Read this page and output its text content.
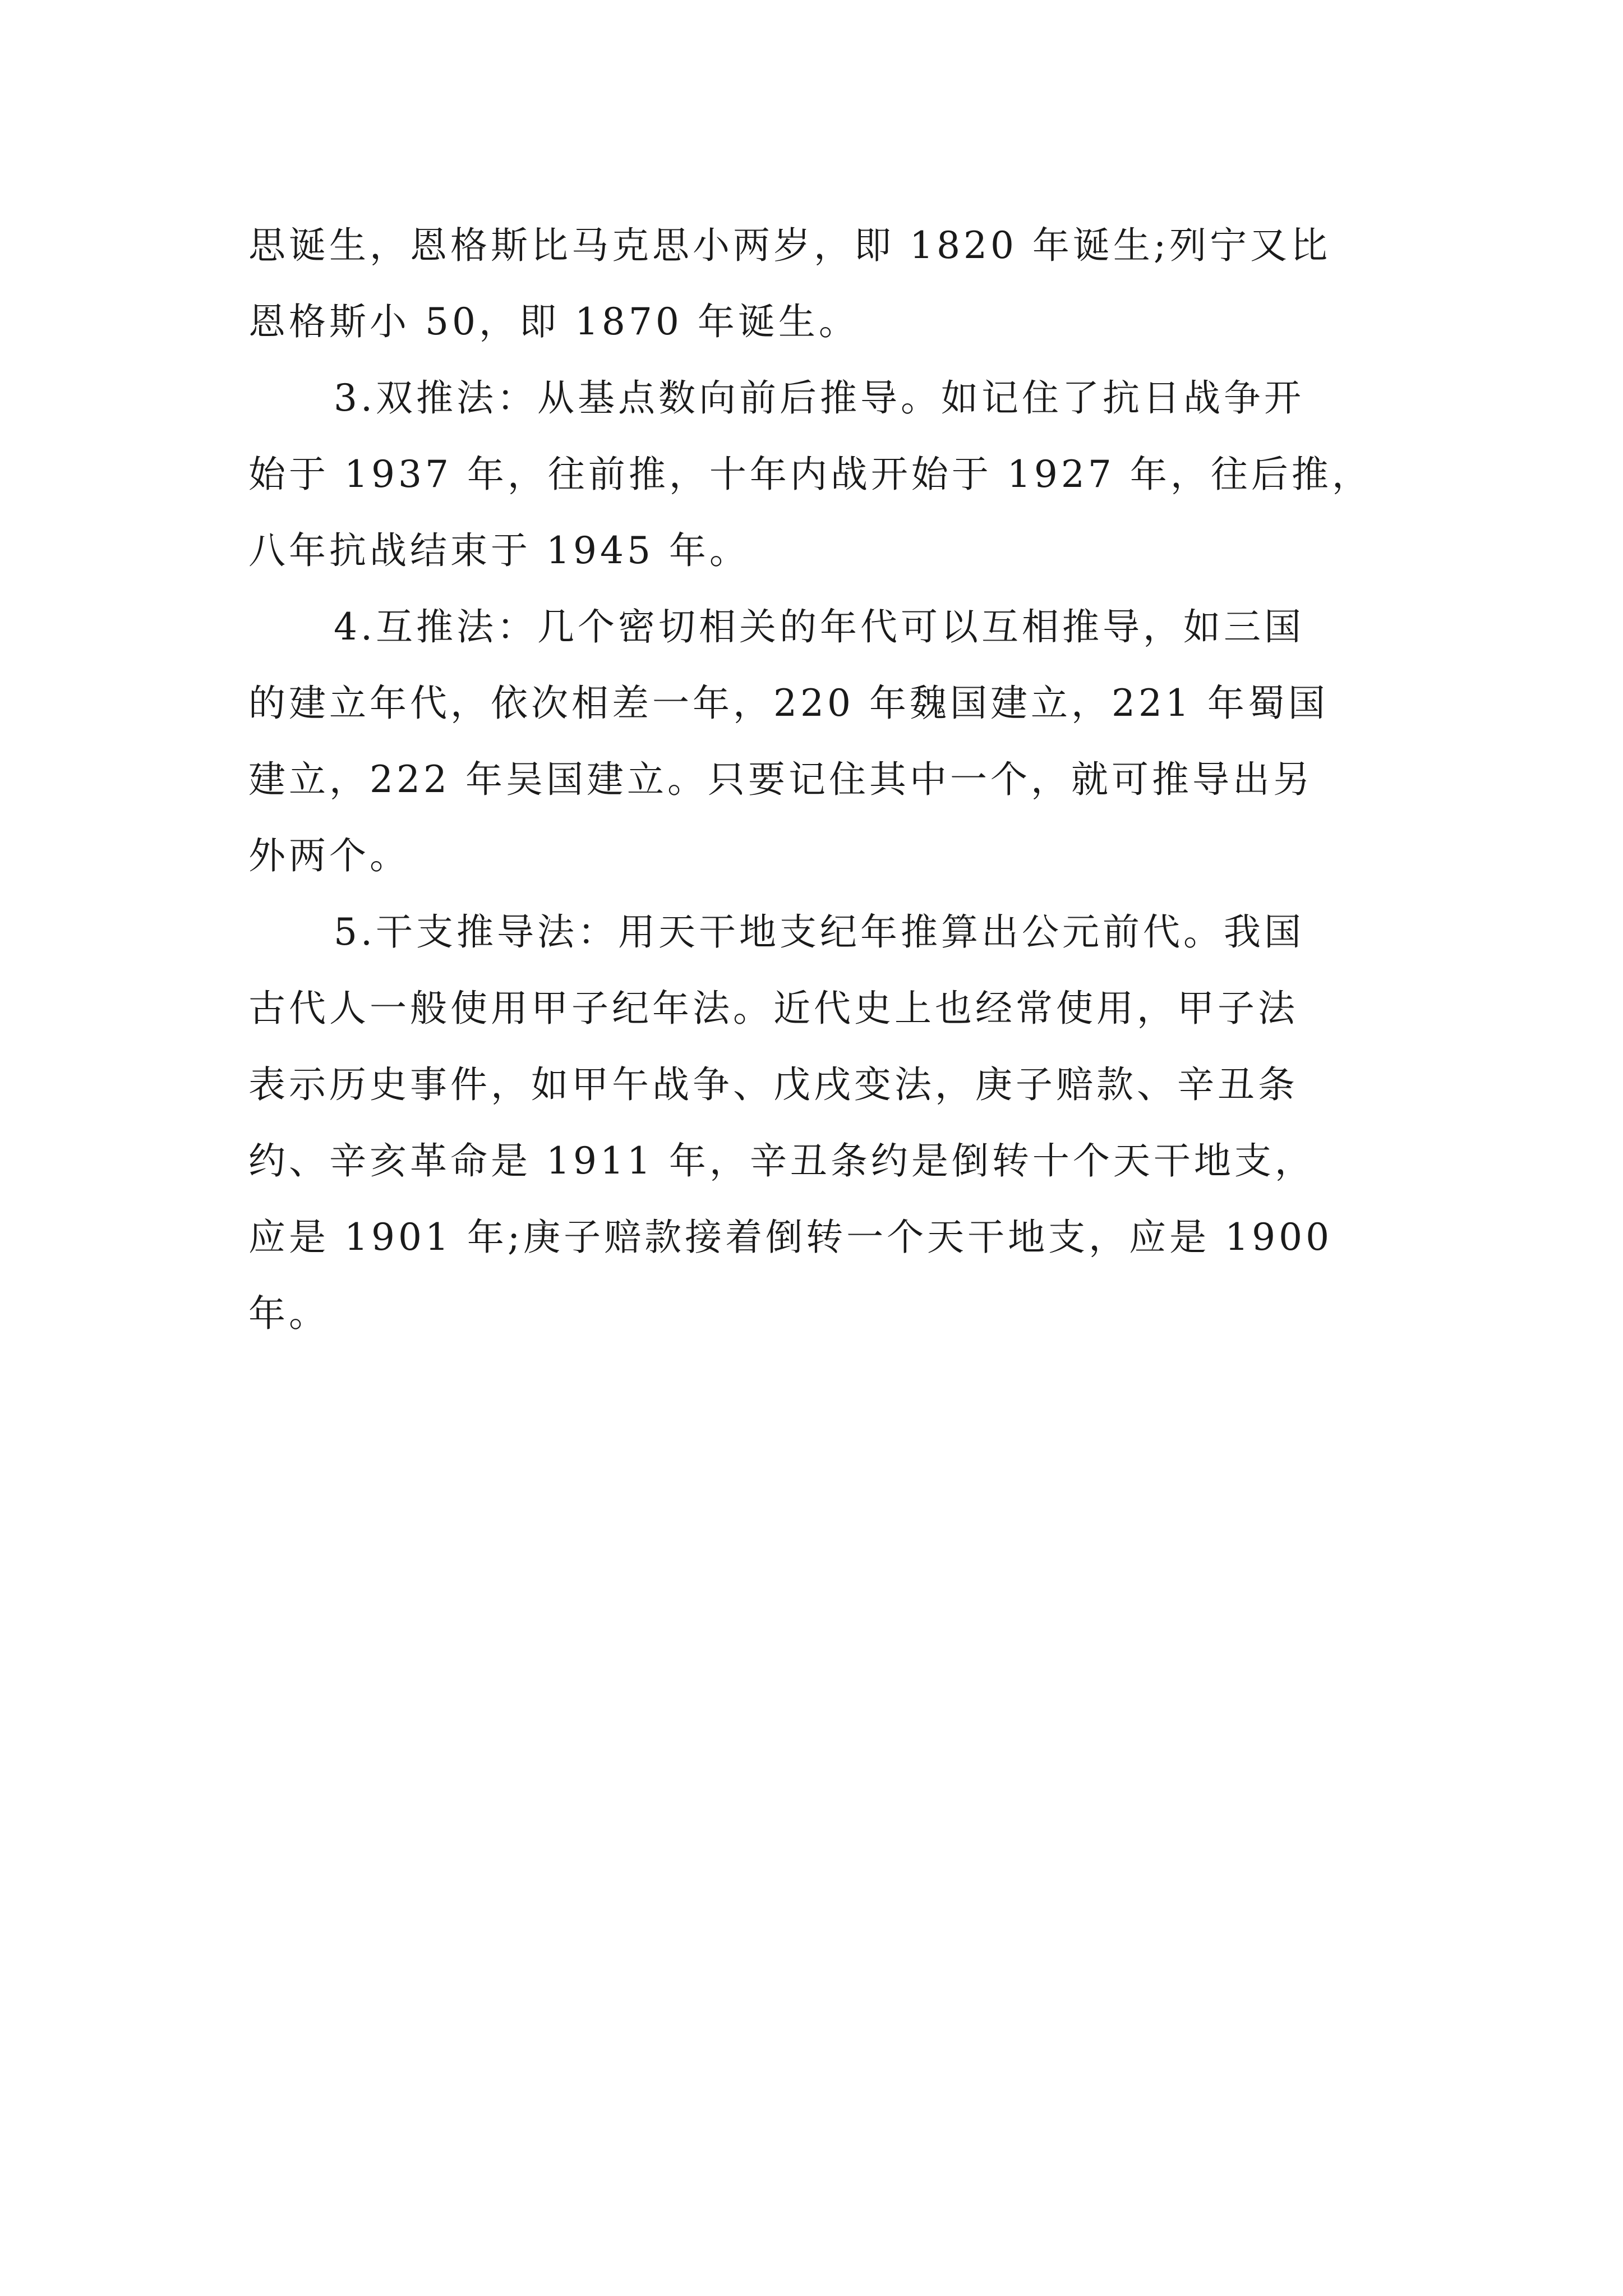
思诞生，恩格斯比马克思小两岁，即 1820 年诞生;列宁又比
恩格斯小 50，即 1870 年诞生。
3.双推法：从基点数向前后推导。如记住了抗日战争开
始于 1937 年，往前推，十年内战开始于 1927 年，往后推，
八年抗战结束于 1945 年。
4.互推法：几个密切相关的年代可以互相推导，如三国
的建立年代，依次相差一年，220 年魏国建立，221 年蜀国
建立，222 年吴国建立。只要记住其中一个，就可推导出另
外两个。
5.干支推导法：用天干地支纪年推算出公元前代。我国
古代人一般使用甲子纪年法。近代史上也经常使用，甲子法
表示历史事件，如甲午战争、戊戌变法，庚子赔款、辛丑条
约、辛亥革命是 1911 年，辛丑条约是倒转十个天干地支，
应是 1901 年;庚子赔款接着倒转一个天干地支，应是 1900
年。
